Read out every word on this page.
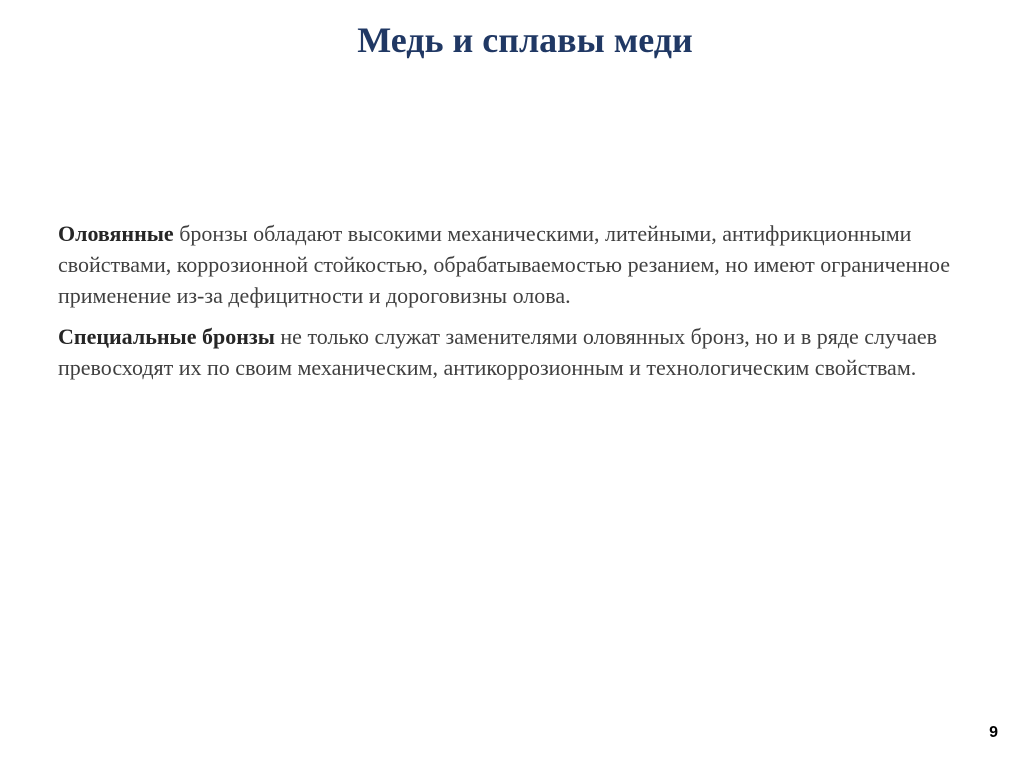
Медь и сплавы меди

Оловянные бронзы обладают высокими механическими, литейными, антифрикционными свойствами, коррозионной стойкостью, обрабатываемостью резанием, но имеют ограниченное применение из-за дефицитности и дороговизны олова.

Специальные бронзы не только служат заменителями оловянных бронз, но и в ряде случаев превосходят их по своим механическим, антикоррозионным и технологическим свойствам.

9
